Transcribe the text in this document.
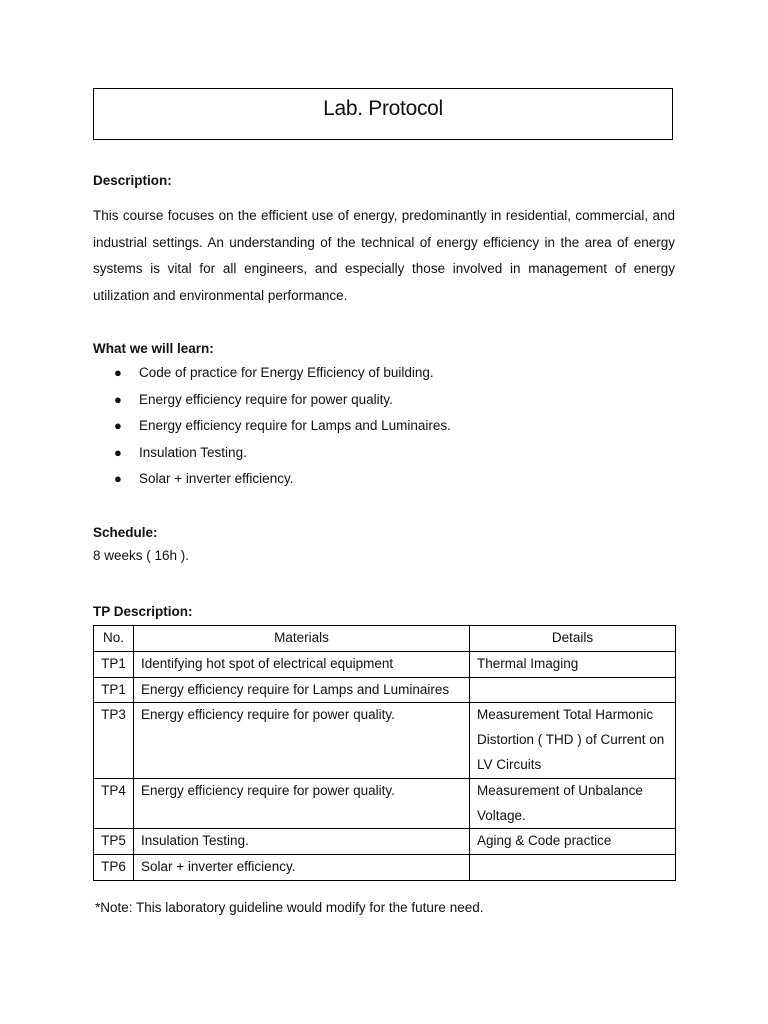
Lab. Protocol
Description:

This course focuses on the efficient use of energy, predominantly in residential, commercial, and industrial settings. An understanding of the technical of energy efficiency in the area of energy systems is vital for all engineers, and especially those involved in management of energy utilization and environmental performance.

What we will learn:
● Code of practice for Energy Efficiency of building.
● Energy efficiency require for power quality.
● Energy efficiency require for Lamps and Luminaires.
● Insulation Testing.
● Solar + inverter efficiency.
Schedule:
8 weeks ( 16h ).
TP Description:
No.	Materials	Details
TP1	Identifying hot spot of electrical equipment	Thermal Imaging
TP1	Energy efficiency require for Lamps and Luminaires	
TP3	Energy efficiency require for power quality.	Measurement Total Harmonic Distortion ( THD ) of Current on LV Circuits
TP4	Energy efficiency require for power quality.	Measurement of Unbalance Voltage.
TP5	Insulation Testing.	Aging & Code practice
TP6	Solar + inverter efficiency.	
*Note: This laboratory guideline would modify for the future need.
